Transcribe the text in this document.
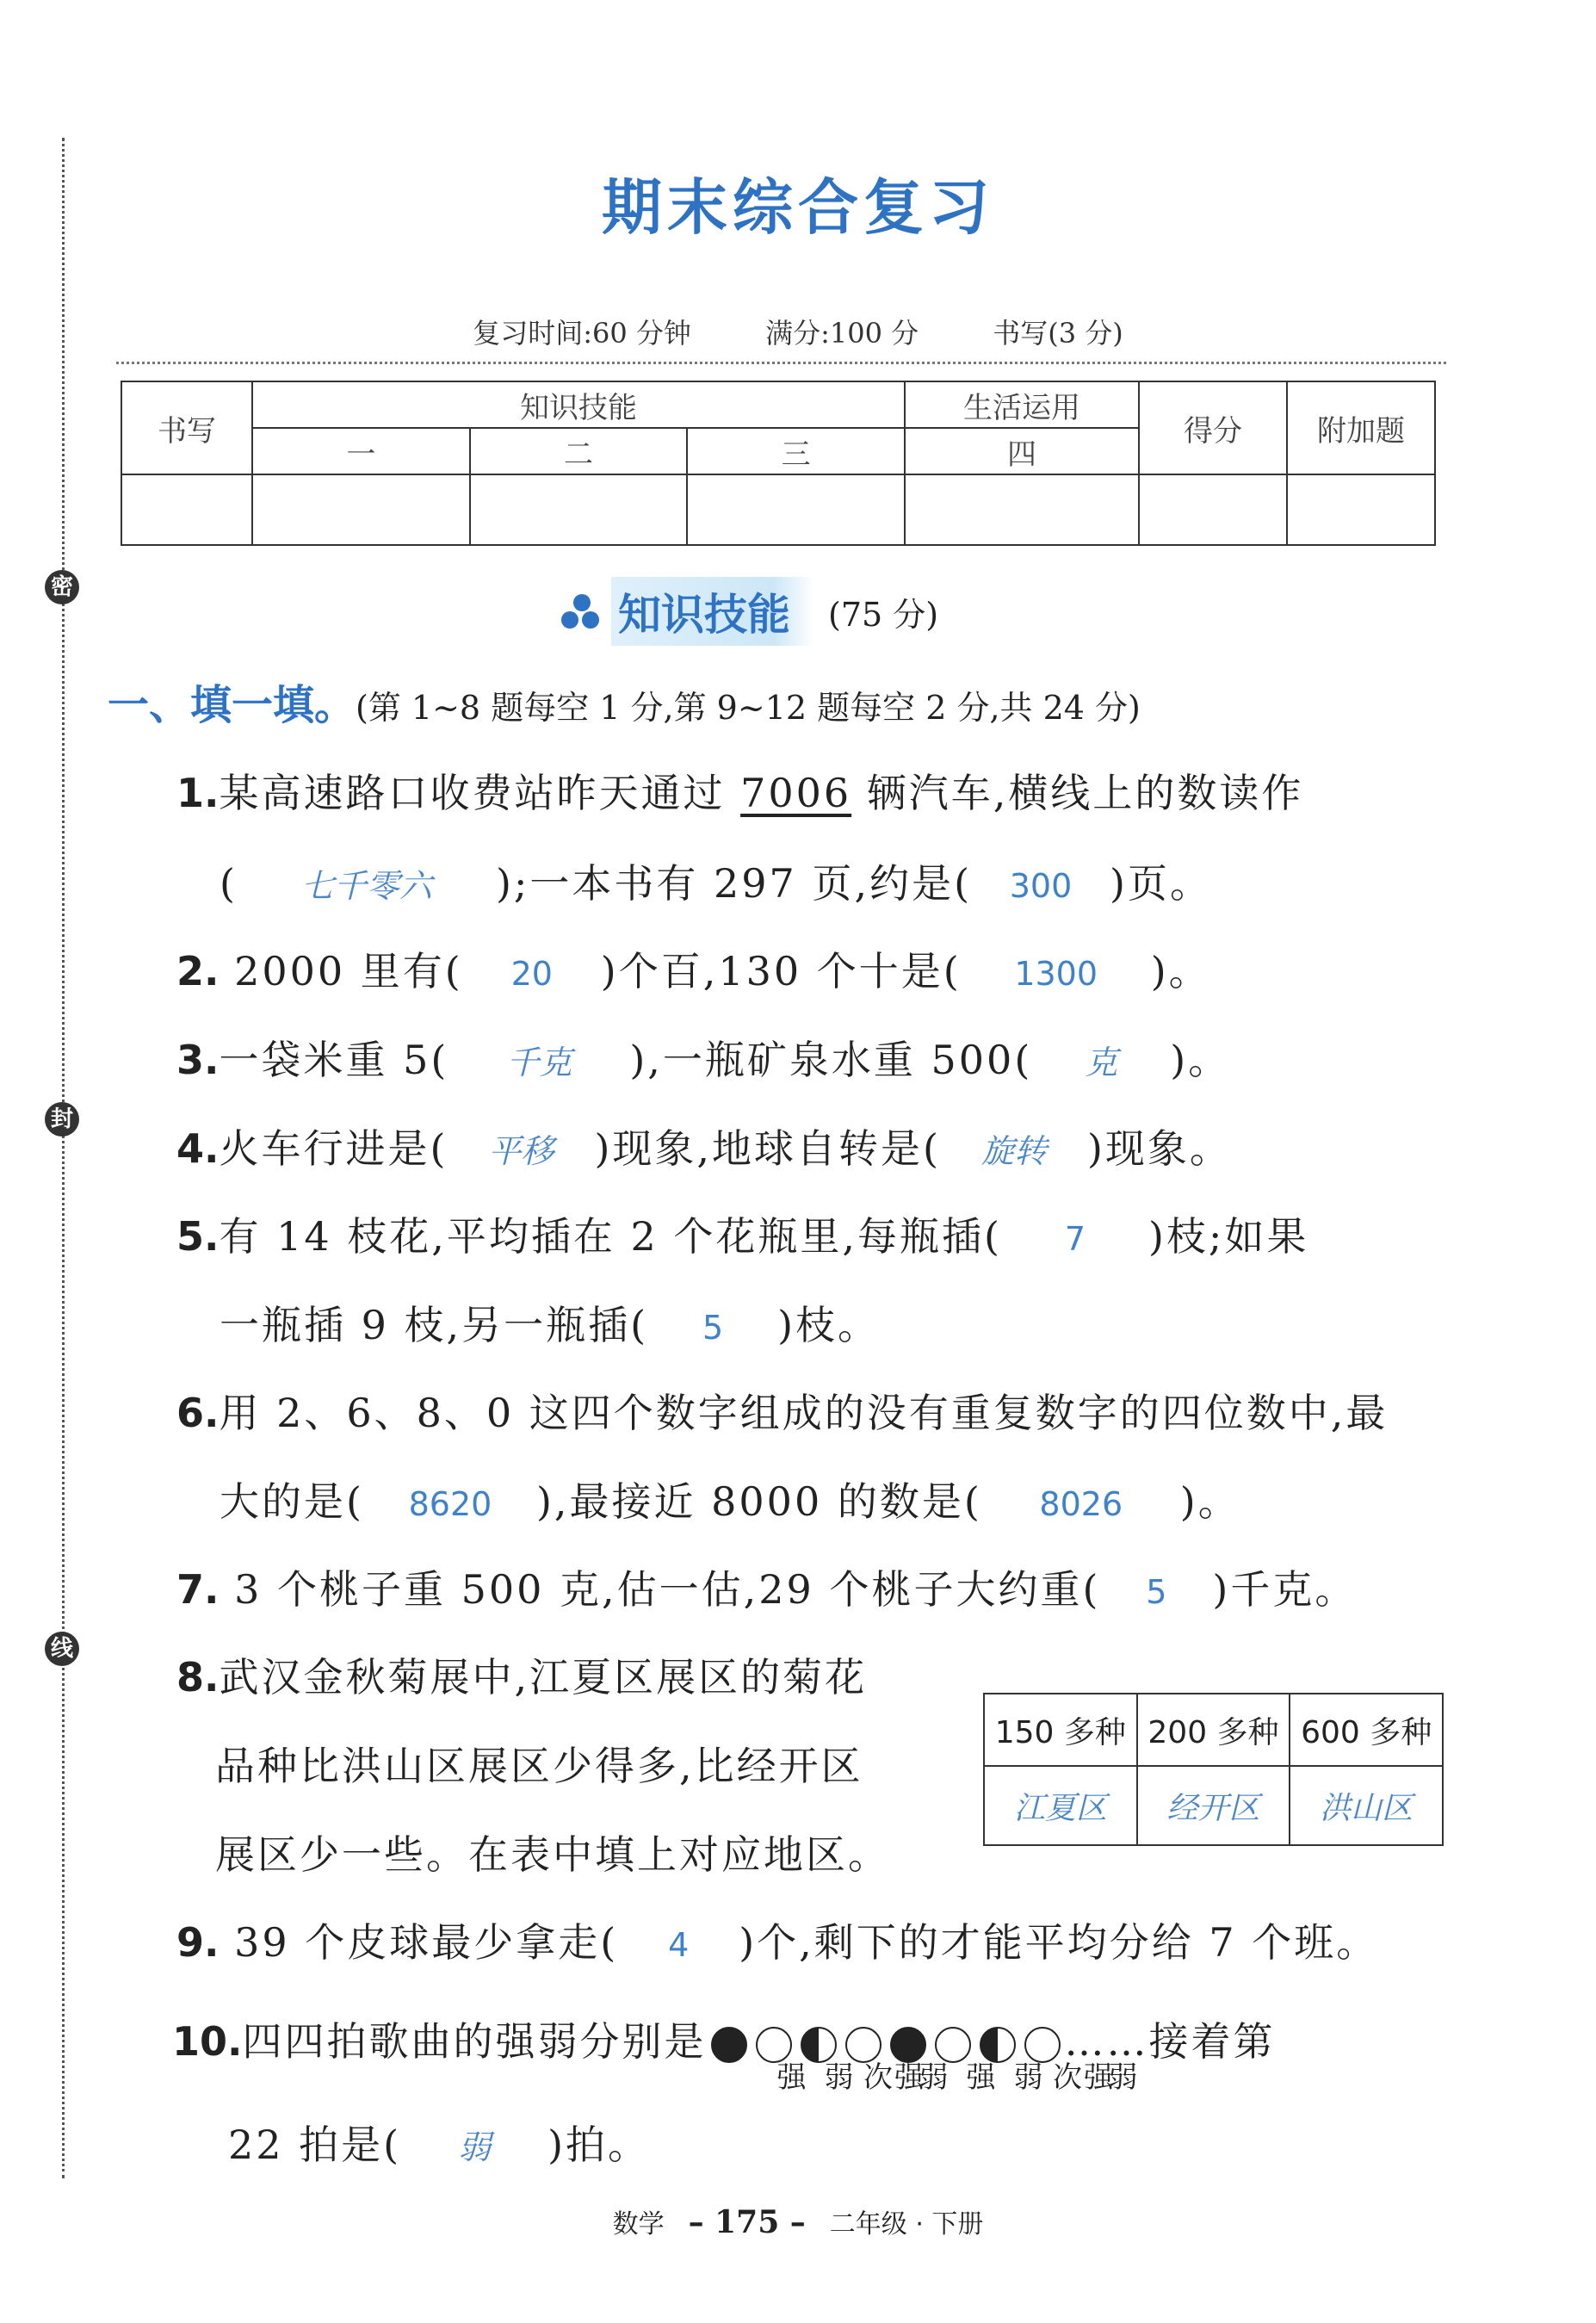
密
封
线
期末综合复习
复习时间:60 分钟	满分:100 分	书写(3 分)
书写	知识技能			生活运用	得分	附加题
	一	二	三	四		

知识技能	(75 分)
一、填一填。(第 1~8 题每空 1 分,第 9~12 题每空 2 分,共 24 分)
1.某高速路口收费站昨天通过 7006 辆汽车,横线上的数读作
( 七千零六 );一本书有 297 页,约是( 300 )页。
2. 2000 里有( 20 )个百,130 个十是( 1300 )。
3.一袋米重 5( 千克 ),一瓶矿泉水重 500( 克 )。
4.火车行进是( 平移 )现象,地球自转是( 旋转 )现象。
5.有 14 枝花,平均插在 2 个花瓶里,每瓶插( 7 )枝;如果
一瓶插 9 枝,另一瓶插( 5 )枝。
6.用 2、6、8、0 这四个数字组成的没有重复数字的四位数中,最
大的是( 8620 ),最接近 8000 的数是( 8026 )。
7. 3 个桃子重 500 克,估一估,29 个桃子大约重( 5 )千克。
8.武汉金秋菊展中,江夏区展区的菊花
品种比洪山区展区少得多,比经开区
展区少一些。在表中填上对应地区。
150 多种	200 多种	600 多种
江夏区	经开区	洪山区
9. 39 个皮球最少拿走( 4 )个,剩下的才能平均分给 7 个班。
10.四四拍歌曲的强弱分别是	……接着第
强 弱 次强弱 强 弱 次强弱
22 拍是( 弱 )拍。
数学 – 175 – 二年级 · 下册
